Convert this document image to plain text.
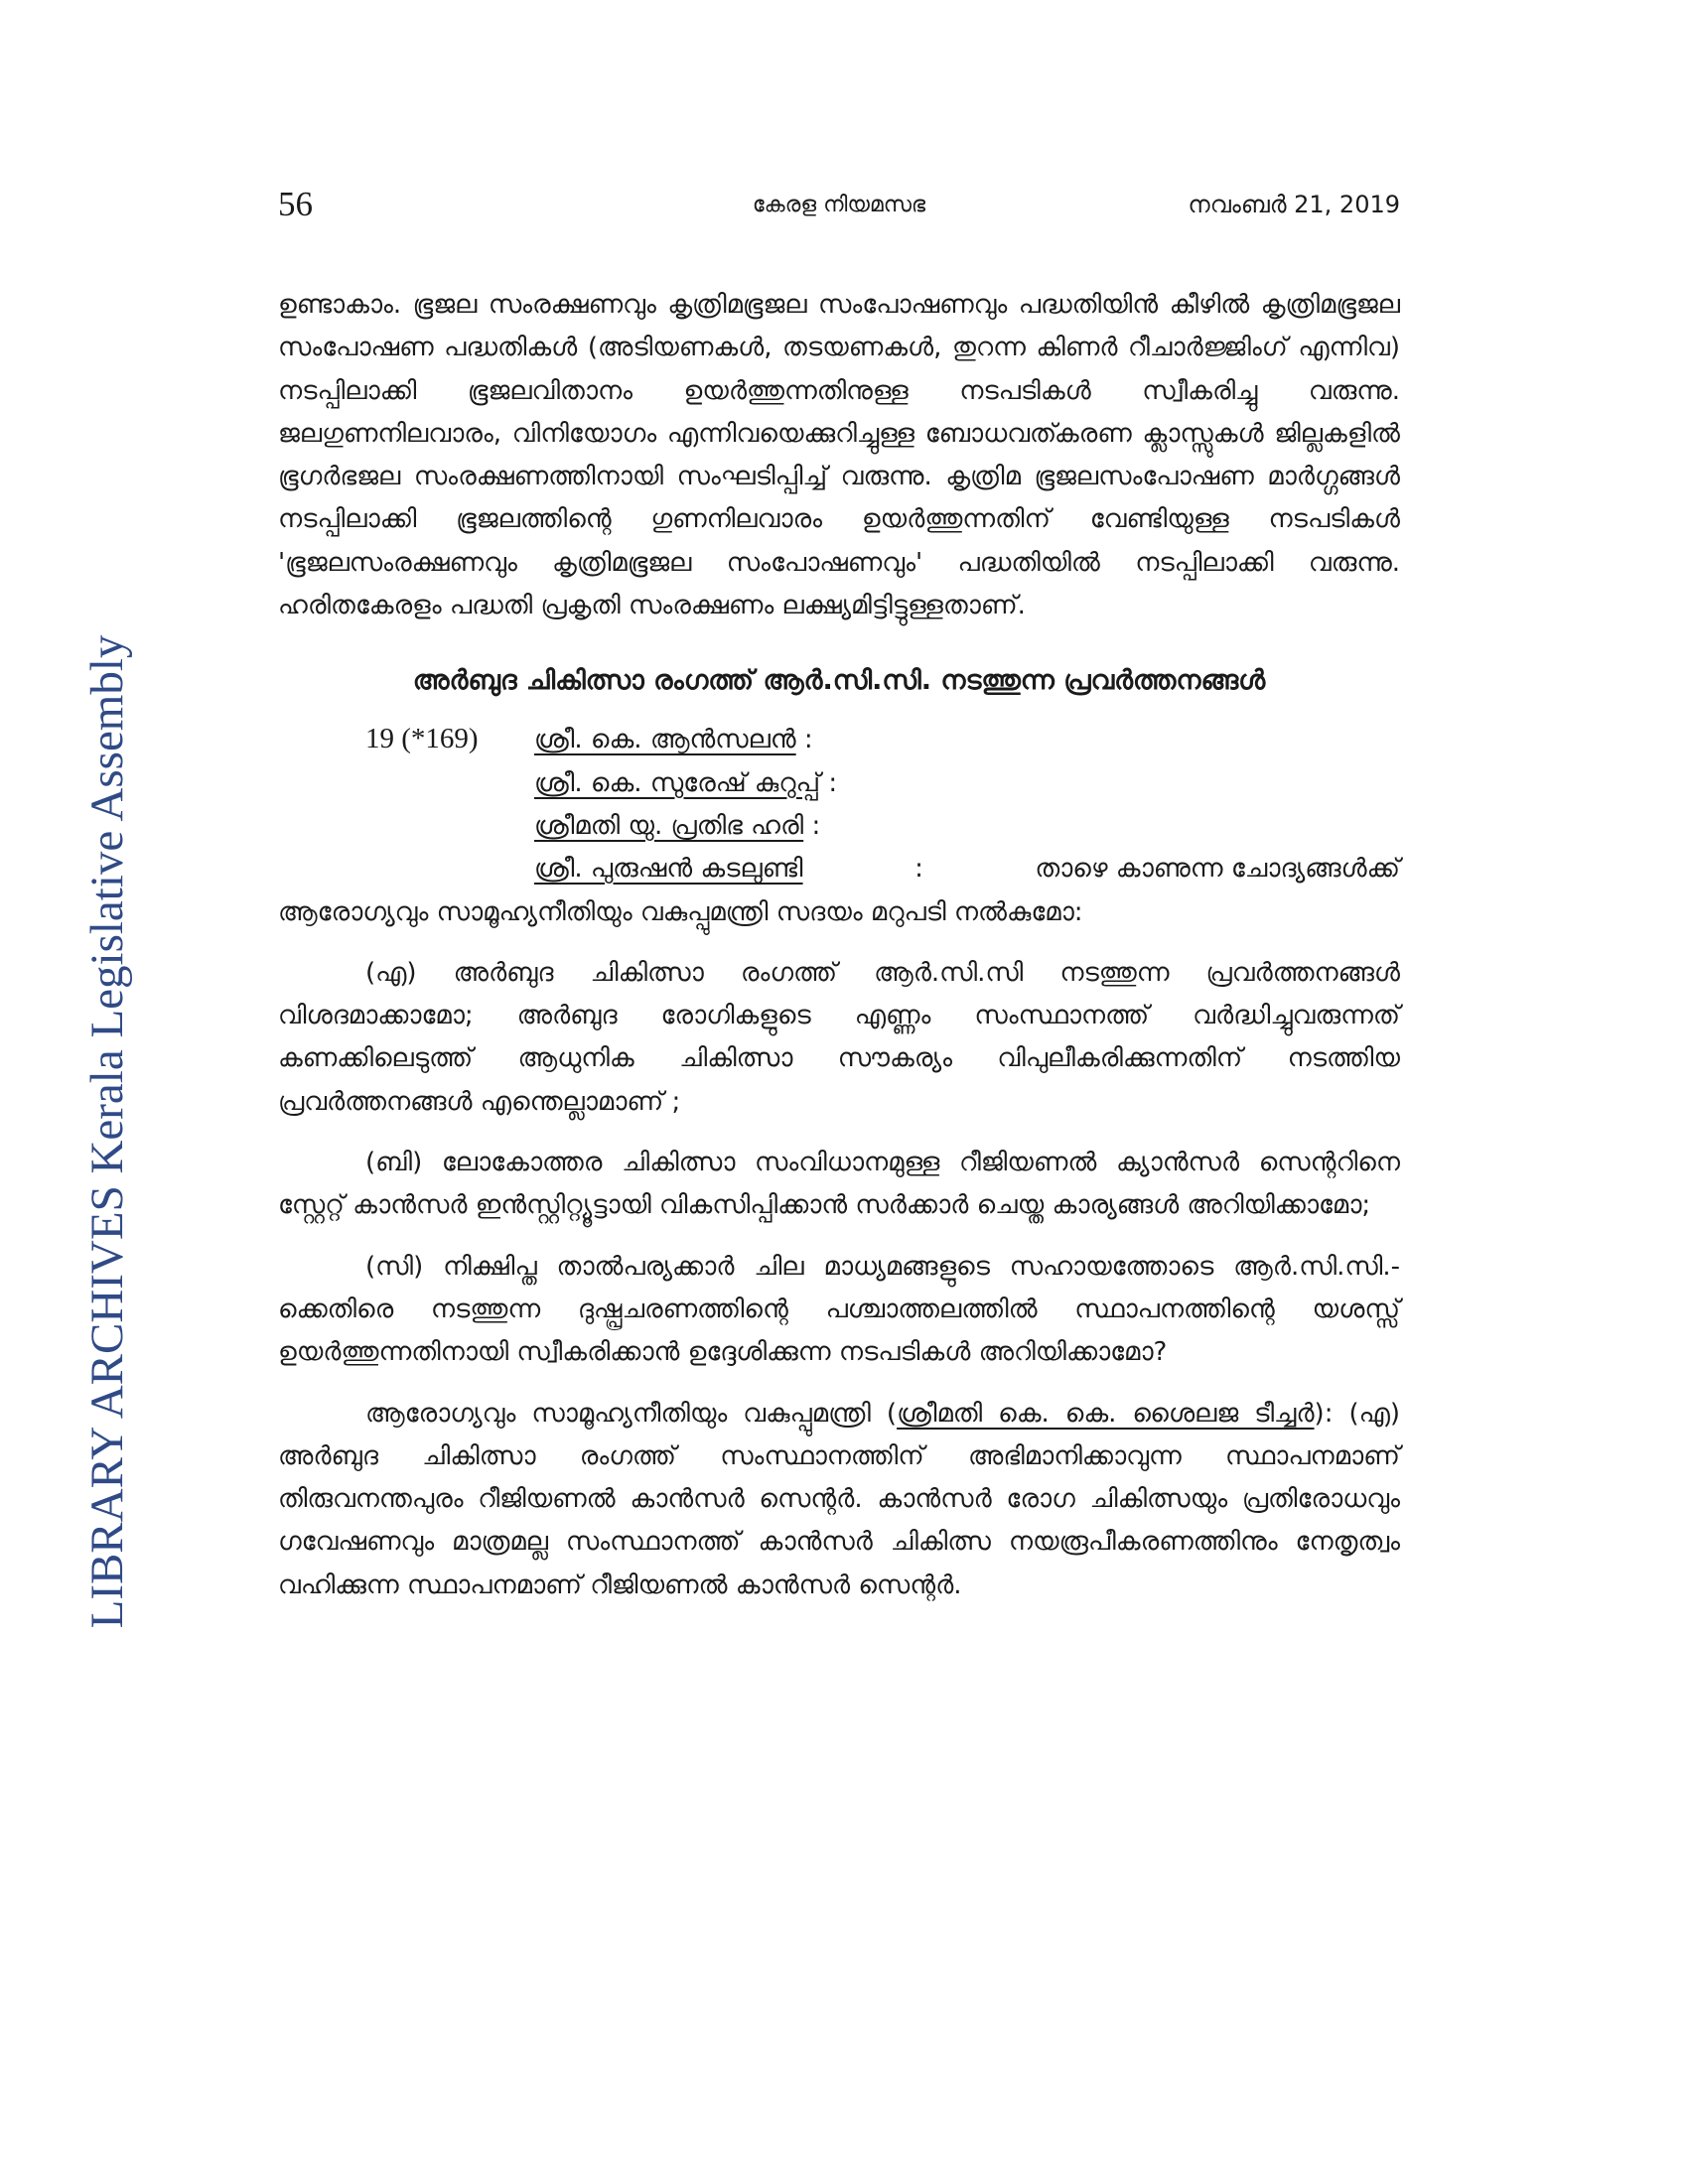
LIBRARY ARCHIVES Kerala Legislative Assembly
56	കേരള നിയമസഭ	നവംബർ 21, 2019

ഉണ്ടാകാം. ഭൂജല സംരക്ഷണവും കൃത്രിമഭൂജല സംപോഷണവും പദ്ധതിയിൻ കീഴിൽ കൃത്രിമഭൂജല സംപോഷണ പദ്ധതികൾ (അടിയണകൾ, തടയണകൾ, തുറന്ന കിണർ റീചാർജ്ജിംഗ് എന്നിവ) നടപ്പിലാക്കി ഭൂജലവിതാനം ഉയർത്തുന്നതിനുള്ള നടപടികൾ സ്വീകരിച്ചു വരുന്നു. ജലഗുണനിലവാരം, വിനിയോഗം എന്നിവയെക്കുറിച്ചുള്ള ബോധവത്കരണ ക്ലാസ്സുകൾ ജില്ലകളിൽ ഭൂഗർഭജല സംരക്ഷണത്തിനായി സംഘടിപ്പിച്ച് വരുന്നു. കൃത്രിമ ഭൂജലസംപോഷണ മാർഗ്ഗങ്ങൾ നടപ്പിലാക്കി ഭൂജലത്തിന്റെ ഗുണനിലവാരം ഉയർത്തുന്നതിന് വേണ്ടിയുള്ള നടപടികൾ 'ഭൂജലസംരക്ഷണവും കൃത്രിമഭൂജല സംപോഷണവും' പദ്ധതിയിൽ നടപ്പിലാക്കി വരുന്നു. ഹരിതകേരളം പദ്ധതി പ്രകൃതി സംരക്ഷണം ലക്ഷ്യമിട്ടിട്ടുള്ളതാണ്.

അർബുദ ചികിത്സാ രംഗത്ത് ആർ.സി.സി. നടത്തുന്ന പ്രവർത്തനങ്ങൾ

19 (*169) ശ്രീ. കെ. ആൻസലൻ :

ശ്രീ. കെ. സുരേഷ് കുറുപ്പ് :

ശ്രീമതി യു. പ്രതിഭ ഹരി :

ശ്രീ. പുരുഷൻ കടലുണ്ടി	:	താഴെ കാണുന്ന ചോദ്യങ്ങൾക്ക്

ആരോഗ്യവും സാമൂഹ്യനീതിയും വകുപ്പുമന്ത്രി സദയം മറുപടി നൽകുമോ:

(എ) അർബുദ ചികിത്സാ രംഗത്ത് ആർ.സി.സി നടത്തുന്ന പ്രവർത്തനങ്ങൾ വിശദമാക്കാമോ; അർബുദ രോഗികളുടെ എണ്ണം സംസ്ഥാനത്ത് വർദ്ധിച്ചുവരുന്നത് കണക്കിലെടുത്ത് ആധുനിക ചികിത്സാ സൗകര്യം വിപുലീകരിക്കുന്നതിന് നടത്തിയ പ്രവർത്തനങ്ങൾ എന്തെല്ലാമാണ് ;

(ബി) ലോകോത്തര ചികിത്സാ സംവിധാനമുള്ള റീജിയണൽ ക്യാൻസർ സെന്ററിനെ സ്റ്റേറ്റ് കാൻസർ ഇൻസ്റ്റിറ്റ്യൂട്ടായി വികസിപ്പിക്കാൻ സർക്കാർ ചെയ്ത കാര്യങ്ങൾ അറിയിക്കാമോ;

(സി) നിക്ഷിപ്ത താൽപര്യക്കാർ ചില മാധ്യമങ്ങളുടെ സഹായത്തോടെ ആർ.സി.സി.-ക്കെതിരെ നടത്തുന്ന ദുഷ്പ്രചരണത്തിന്റെ പശ്ചാത്തലത്തിൽ സ്ഥാപനത്തിന്റെ യശസ്സ് ഉയർത്തുന്നതിനായി സ്വീകരിക്കാൻ ഉദ്ദേശിക്കുന്ന നടപടികൾ അറിയിക്കാമോ?

ആരോഗ്യവും സാമൂഹ്യനീതിയും വകുപ്പുമന്ത്രി (ശ്രീമതി കെ. കെ. ശൈലജ ടീച്ചർ): (എ) അർബുദ ചികിത്സാ രംഗത്ത് സംസ്ഥാനത്തിന് അഭിമാനിക്കാവുന്ന സ്ഥാപനമാണ് തിരുവനന്തപുരം റീജിയണൽ കാൻസർ സെന്റർ. കാൻസർ രോഗ ചികിത്സയും പ്രതിരോധവും ഗവേഷണവും മാത്രമല്ല സംസ്ഥാനത്ത് കാൻസർ ചികിത്സ നയരൂപീകരണത്തിനും നേതൃത്വം വഹിക്കുന്ന സ്ഥാപനമാണ് റീജിയണൽ കാൻസർ സെന്റർ.
